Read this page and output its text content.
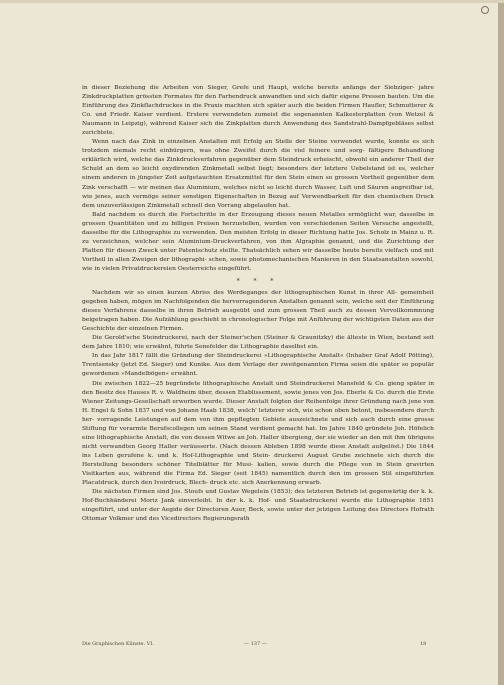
in dieser Beziehung die Arbeiten von Sieger, Grefe und Haupt, welche bereits anfangs der Siebziger- jahre Zinkdruckplatten grössten Formates für den Farbendruck anwandten und sich dafür eigene Pressen bauten. Um die Einführung des Zinkflachdruckes in die Praxis machten sich später auch die beiden Firmen Haufler, Schmutterer & Co. und Friedr. Kaiser verdient. Erstere verwendeten zumeist die sogenannten Kalkesterplatten (von Wetzel & Naumann in Leipzig), während Kaiser sich die Zinkplatten durch Anwendung des Sandstrahl-Dampfgebläses selbst zurichtete.

Wenn nach das Zink in einzelnen Anstalten mit Erfolg an Stelle der Steine verwendet wurde, konnte es sich trotzdem niemals recht einbürgern, was ohne Zweifel durch die viel feinere und sorg- fältigere Behandlung erklärlich wird, welche das Zinkdruckverfahren gegenüber dem Steindruck erheischt, obwohl ein anderer Theil der Schuld an dem so leicht oxydirenden Zinkmetall selbst liegt; besonders der letztere Uebelstand ist es, welcher einem anderen in jüngster Zeit aufgetauchten Ersatzmittel für den Stein einen so grossen Vortheil gegenüber dem Zink verschafft — wir meinen das Aluminium, welches nicht so leicht durch Wasser, Luft und Säuren angreifbar ist, wie jenes, auch vermöge seiner sonstigen Eigenschaften in Bezug auf Verwendbarkeit für den chemischen Druck dem unzuverlässigen Zinkmetall schnell den Vorrang abgelaufen hat.

Bald nachdem es durch die Fortschritte in der Erzeugung dieses neuen Metalles ermöglicht war, dasselbe in grossen Quantitäten und zu billigen Preisen herzustellen, wurden von verschiedenen Seiten Versuche angestellt, dasselbe für die Lithographie zu verwenden. Den meisten Erfolg in dieser Richtung hatte Jos. Scholz in Mainz u. R. zu verzeichnen, welcher sein Aluminium-Druckverfahren, von ihm Algraphie genannt, und die Zurichtung der Platten für diesen Zweck unter Patentschutz stellte. Thatsächlich sehen wir dasselbe heute bereits vielfach und mit Vortheil in allen Zweigen der lithographi- schen, sowie photomechanischen Manieren in den Staatsanstalten sowohl, wie in vielen Privatdruckereien Oesterreichs eingeführt.

* * *

Nachdem wir so einen kurzen Abriss des Werdeganges der lithographischen Kunst in ihrer All- gemeinheit gegeben haben, mögen im Nachfolgenden die hervorragenderen Anstalten genannt sein, welche seit der Einführung dieses Verfahrens dasselbe in ihren Betrieb ausgeübt und zum grossen Theil auch zu dessen Vervollkommnung beigetragen haben. Die Aufzählung geschieht in chronologischer Folge mit Anführung der wichtigsten Daten aus der Geschichte der einzelnen Firmen.

Die Gerold'sche Steindruckerei, nach der Steiner'schen (Steiner & Graunitzky) die älteste in Wien, bestand seit dem Jahre 1810; wie erwähnt, führte Senefelder die Lithographie daselbst ein.

In das Jahr 1817 fällt die Gründung der Steindruckerei »Lithographische Anstalt« (Inhaber Graf Adolf Pötting), Trentsensky (jetzt Ed. Sieger) und Kunike. Aus dem Verlage der zweitgenannten Firma seien die später so populär gewordenen »Mandelbögen« erwähnt.

Die zwischen 1822—25 begründete lithographische Anstalt und Steindruckerei Mansfeld & Co. gieng später in den Besitz des Hauses R. v. Waldheim über, dessen Etablissement, sowie jenes von Jos. Eberle & Co. durch die Erste Wiener Zeitungs-Gesellschaft erworben wurde. Dieser Anstalt folgten der Reihenfolge ihrer Gründung nach jene von H. Engel & Sohn 1837 und von Johann Haab 1838, welch' letzterer sich, wie schon oben betont, insbesondere durch her- vorragende Leistungen auf dem von ihm gepflegten Gebiete auszeichnete und sich auch durch eine grosse Stiftung für verarmte Berufscollegen um seinen Stand verdient gemacht hat. Im Jahre 1840 gründete Joh. Höfelich eine lithographische Anstalt, die von dessen Witwe an Joh. Haller übergieng, der sie wieder an den mit ihm übrigens nicht verwandten Georg Haller veräusserte. (Nach dessen Ableben 1898 wurde diese Anstalt aufgelöst.) Die 1844 ins Leben gerufene k. und k. Hof-Lithographie und Stein- druckerei August Grube zeichnete sich durch die Herstellung besonders schöner Titelblätter für Musi- kalien, sowie durch die Pflege von in Stein gravirten Visitkarten aus, während die Firma Ed. Sieger (seit 1845) namentlich durch den im grossen Stil eingeführten Placatdruck, durch den Ivoirdruck, Blech- druck etc. sich Anerkennung erwarb.

Die nächsten Firmen sind Jos. Stoufs und Gustav Wegelein (1853); des letzteren Betrieb ist gegenwärtig der k. k. Hof-Buchhänderei Moriz Jank einverleibt. In der k. k. Hof- und Staatsdruckerei wurde die Lithographie 1851 eingeführt, und unter der Aegide der Directoren Auer, Beck, sowie unter der jetzigen Leitung des Directors Hofrath Ottomar Volkmer und des Vicedirectors Regierungsrath

Die Graphischen Künste. VI.	— 137 —	18
